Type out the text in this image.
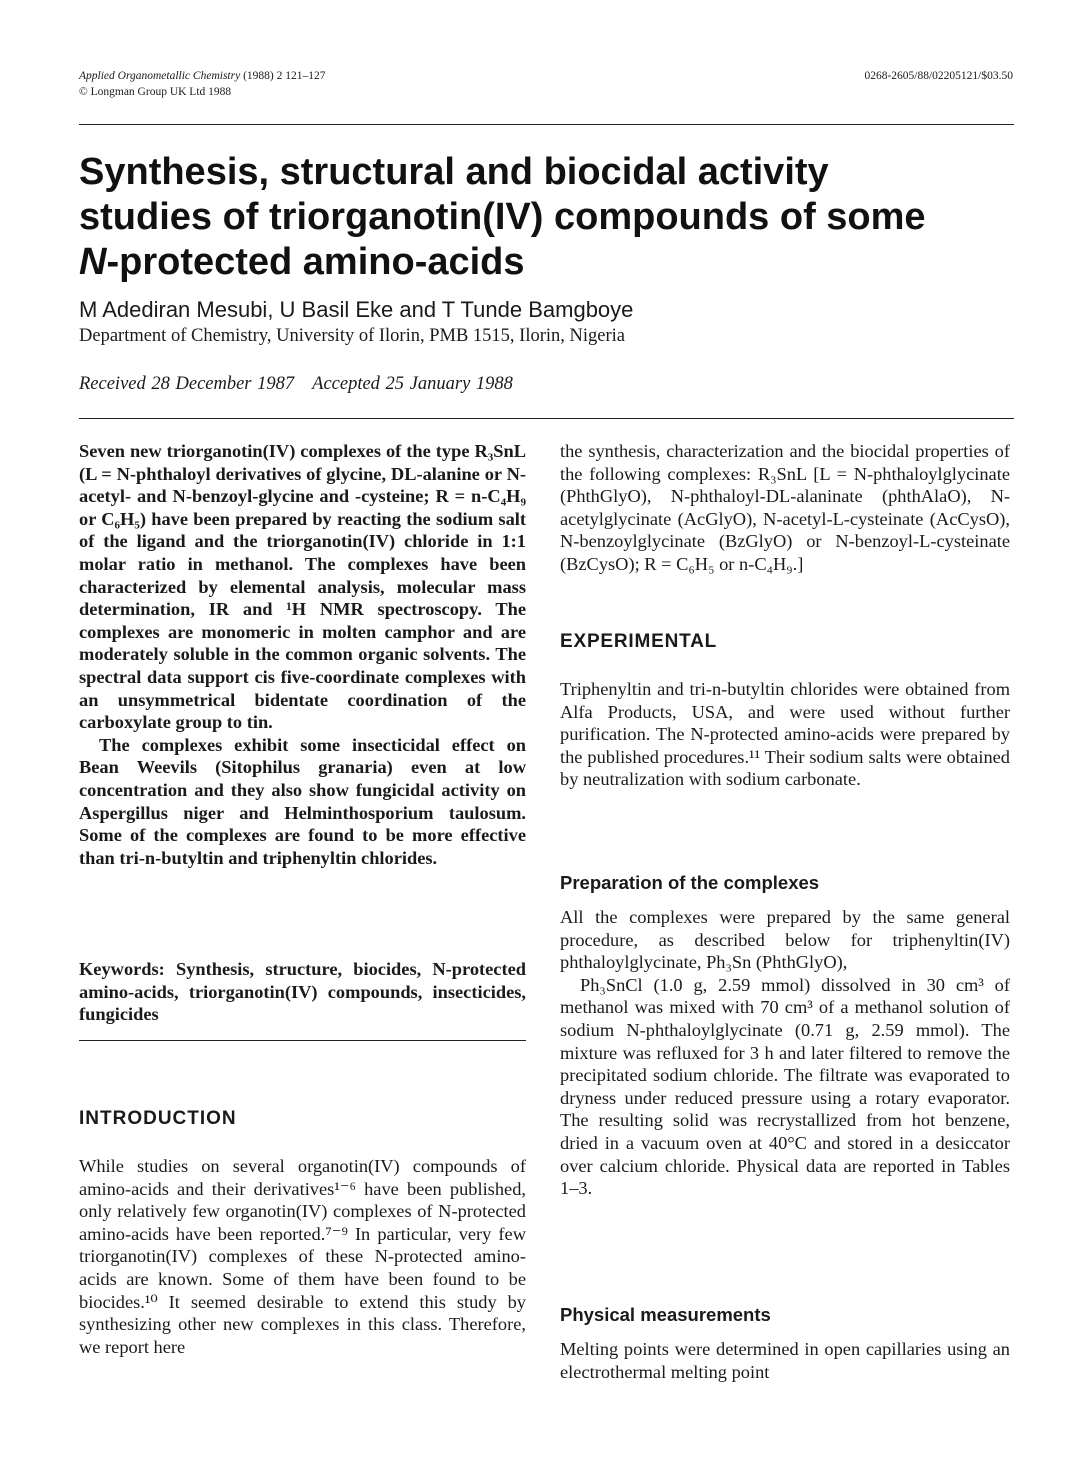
Applied Organometallic Chemistry (1988) 2 121–127
© Longman Group UK Ltd 1988
0268-2605/88/02205121/$03.50
Synthesis, structural and biocidal activity
studies of triorganotin(IV) compounds of some
N-protected amino-acids
M Adediran Mesubi, U Basil Eke and T Tunde Bamgboye
Department of Chemistry, University of Ilorin, PMB 1515, Ilorin, Nigeria
Received 28 December 1987 Accepted 25 January 1988

Seven new triorganotin(IV) complexes of the type R₃SnL (L = N-phthaloyl derivatives of glycine, DL-alanine or N-acetyl- and N-benzoyl-glycine and -cysteine; R = n-C₄H₉ or C₆H₅) have been prepared by reacting the sodium salt of the ligand and the triorganotin(IV) chloride in 1:1 molar ratio in methanol. The complexes have been characterized by elemental analysis, molecular mass determination, IR and ¹H NMR spectroscopy. The complexes are monomeric in molten camphor and are moderately soluble in the common organic solvents. The spectral data support cis five-coordinate complexes with an unsymmetrical bidentate coordination of the carboxylate group to tin.

The complexes exhibit some insecticidal effect on Bean Weevils (Sitophilus granaria) even at low concentration and they also show fungicidal activity on Aspergillus niger and Helminthosporium taulosum. Some of the complexes are found to be more effective than tri-n-butyltin and triphenyltin chlorides.

Keywords: Synthesis, structure, biocides, N-protected amino-acids, triorganotin(IV) compounds, insecticides, fungicides
INTRODUCTION
While studies on several organotin(IV) compounds of amino-acids and their derivatives¹⁻⁶ have been published, only relatively few organotin(IV) complexes of N-protected amino-acids have been reported.⁷⁻⁹ In particular, very few triorganotin(IV) complexes of these N-protected amino-acids are known. Some of them have been found to be biocides.¹⁰ It seemed desirable to extend this study by synthesizing other new complexes in this class. Therefore, we report here
the synthesis, characterization and the biocidal properties of the following complexes: R₃SnL [L = N-phthaloylglycinate (PhthGlyO), N-phthaloyl-DL-alaninate (phthAlaO), N-acetylglycinate (AcGlyO), N-acetyl-L-cysteinate (AcCysO), N-benzoylglycinate (BzGlyO) or N-benzoyl-L-cysteinate (BzCysO); R = C₆H₅ or n-C₄H₉.]
EXPERIMENTAL
Triphenyltin and tri-n-butyltin chlorides were obtained from Alfa Products, USA, and were used without further purification. The N-protected amino-acids were prepared by the published procedures.¹¹ Their sodium salts were obtained by neutralization with sodium carbonate.
Preparation of the complexes

All the complexes were prepared by the same general procedure, as described below for triphenyltin(IV) phthaloylglycinate, Ph₃Sn (PhthGlyO),

Ph₃SnCl (1.0 g, 2.59 mmol) dissolved in 30 cm³ of methanol was mixed with 70 cm³ of a methanol solution of sodium N-phthaloylglycinate (0.71 g, 2.59 mmol). The mixture was refluxed for 3 h and later filtered to remove the precipitated sodium chloride. The filtrate was evaporated to dryness under reduced pressure using a rotary evaporator. The resulting solid was recrystallized from hot benzene, dried in a vacuum oven at 40°C and stored in a desiccator over calcium chloride. Physical data are reported in Tables 1–3.

Physical measurements
Melting points were determined in open capillaries using an electrothermal melting point
